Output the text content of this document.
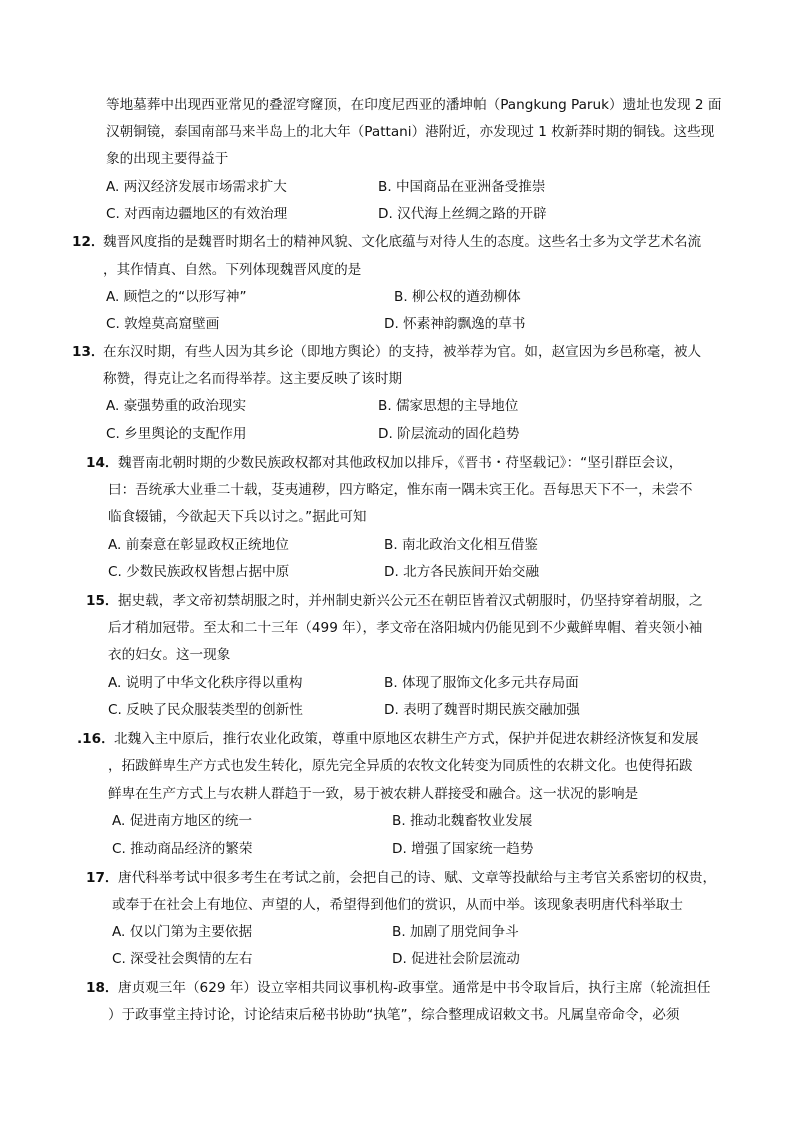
等地墓葬中出现西亚常见的叠涩穹窿顶，在印度尼西亚的潘坤帕（Pangkung Paruk）遗址也发现 2 面
汉朝铜镜，泰国南部马来半岛上的北大年（Pattani）港附近，亦发现过 1 枚新莽时期的铜钱。这些现
象的出现主要得益于
A. 两汉经济发展市场需求扩大	B. 中国商品在亚洲备受推崇
C. 对西南边疆地区的有效治理	D. 汉代海上丝绸之路的开辟
12．
魏晋风度指的是魏晋时期名士的精神风貌、文化底蕴与对待人生的态度。这些名士多为文学艺术名流
，其作情真、自然。下列体现魏晋风度的是
A. 顾恺之的“以形写神”	B. 柳公权的遒劲柳体
C. 敦煌莫高窟壁画	D. 怀素神韵飘逸的草书
13．
在东汉时期，有些人因为其乡论（即地方舆论）的支持，被举荐为官。如，赵宣因为乡邑称毫，被人
称赞，得克让之名而得举荐。这主要反映了该时期
A. 豪强势重的政治现实	B. 儒家思想的主导地位
C. 乡里舆论的支配作用	D. 阶层流动的固化趋势
14． 魏晋南北朝时期的少数民族政权都对其他政权加以排斥，《晋书・苻坚载记》：“坚引群臣会议，
曰：吾统承大业垂二十载，芟夷逋秽，四方略定，惟东南一隅未宾王化。吾每思天下不一，未尝不
临食辍铺，今欲起天下兵以讨之。”据此可知
A. 前秦意在彰显政权正统地位	B. 南北政治文化相互借鉴
C. 少数民族政权皆想占据中原	D. 北方各民族间开始交融
15． 据史载，孝文帝初禁胡服之时，并州制史新兴公元丕在朝臣皆着汉式朝服时，仍坚持穿着胡服，之
后才稍加冠带。至太和二十三年（499 年），孝文帝在洛阳城内仍能见到不少戴鲜卑帽、着夹领小袖
衣的妇女。这一现象
A. 说明了中华文化秩序得以重构	B. 体现了服饰文化多元共存局面
C. 反映了民众服装类型的创新性	D. 表明了魏晋时期民族交融加强
.16． 北魏入主中原后，推行农业化政策，尊重中原地区农耕生产方式，保护并促进农耕经济恢复和发展
，拓跋鲜卑生产方式也发生转化，原先完全异质的农牧文化转变为同质性的农耕文化。也使得拓跋
鲜卑在生产方式上与农耕人群趋于一致，易于被农耕人群接受和融合。这一状况的影响是
A. 促进南方地区的统一	B. 推动北魏畜牧业发展
C. 推动商品经济的繁荣	D. 增强了国家统一趋势
17． 唐代科举考试中很多考生在考试之前，会把自己的诗、赋、文章等投献给与主考官关系密切的权贵，
或奉于在社会上有地位、声望的人，希望得到他们的赏识，从而中举。该现象表明唐代科举取士
A. 仅以门第为主要依据	B. 加剧了朋党间争斗
C. 深受社会舆情的左右	D. 促进社会阶层流动
18． 唐贞观三年（629 年）设立宰相共同议事机构-政事堂。通常是中书令取旨后，执行主席（轮流担任
）于政事堂主持讨论，讨论结束后秘书协助“执笔”，综合整理成诏敕文书。凡属皇帝命令，必须
